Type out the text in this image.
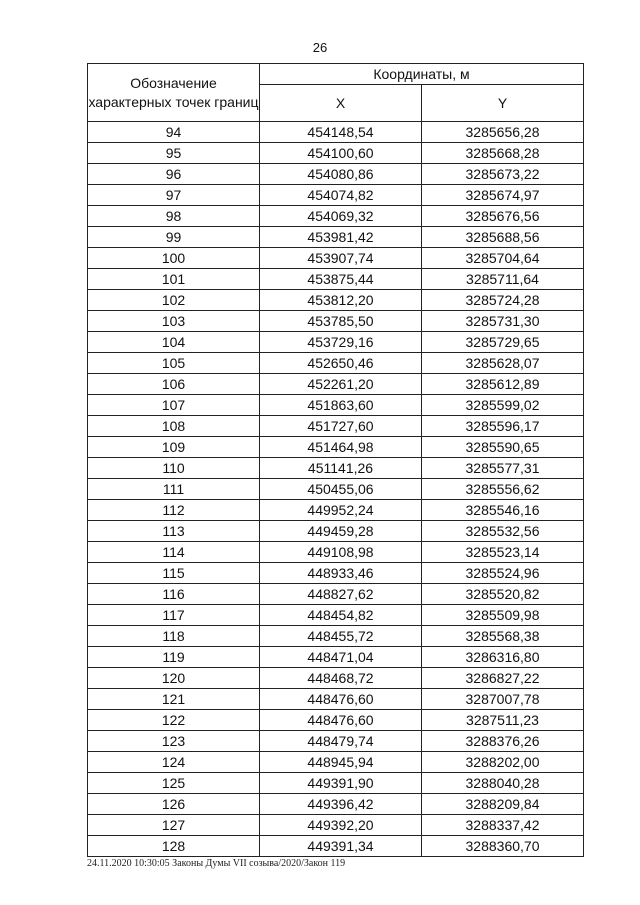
26
Обозначение характерных точек границ	Координаты, м	
	X	Y
94	454148,54	3285656,28
95	454100,60	3285668,28
96	454080,86	3285673,22
97	454074,82	3285674,97
98	454069,32	3285676,56
99	453981,42	3285688,56
100	453907,74	3285704,64
101	453875,44	3285711,64
102	453812,20	3285724,28
103	453785,50	3285731,30
104	453729,16	3285729,65
105	452650,46	3285628,07
106	452261,20	3285612,89
107	451863,60	3285599,02
108	451727,60	3285596,17
109	451464,98	3285590,65
110	451141,26	3285577,31
111	450455,06	3285556,62
112	449952,24	3285546,16
113	449459,28	3285532,56
114	449108,98	3285523,14
115	448933,46	3285524,96
116	448827,62	3285520,82
117	448454,82	3285509,98
118	448455,72	3285568,38
119	448471,04	3286316,80
120	448468,72	3286827,22
121	448476,60	3287007,78
122	448476,60	3287511,23
123	448479,74	3288376,26
124	448945,94	3288202,00
125	449391,90	3288040,28
126	449396,42	3288209,84
127	449392,20	3288337,42
128	449391,34	3288360,70
24.11.2020 10:30:05 Законы Думы VII созыва/2020/Закон 119
